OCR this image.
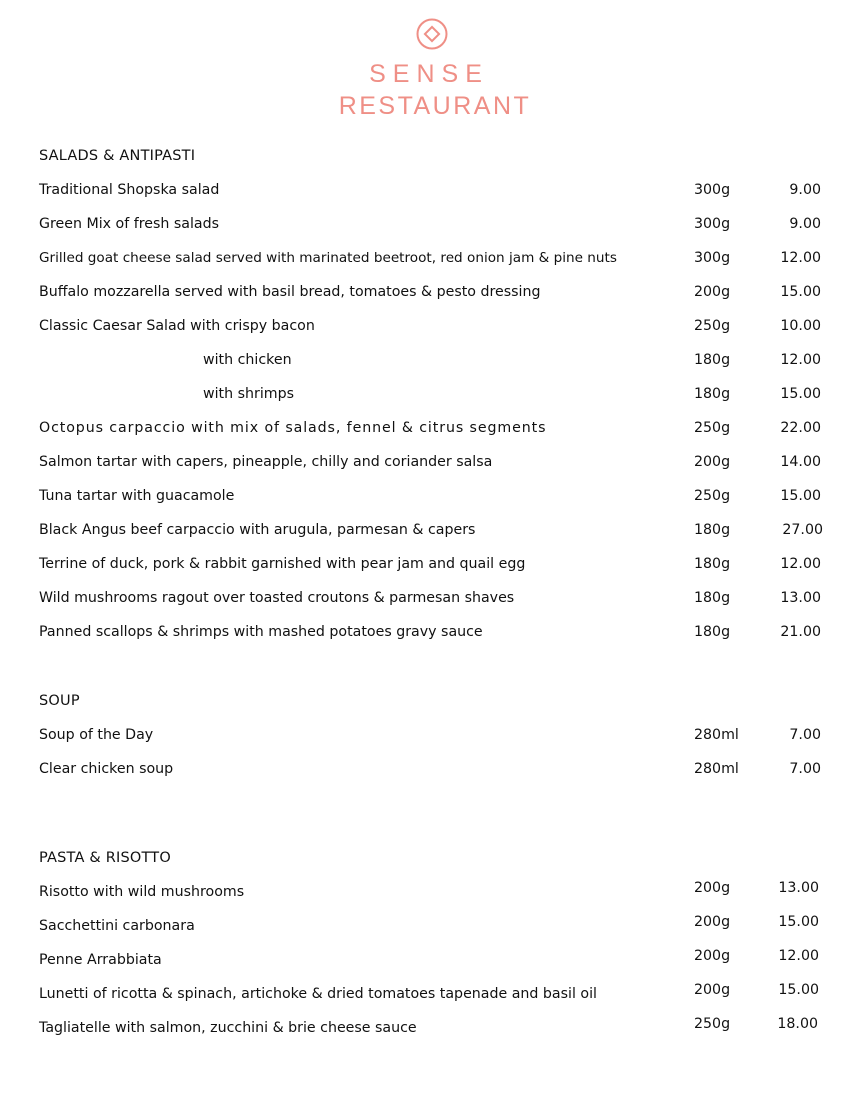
SENSE
RESTAURANT
SALADS & ANTIPASTI
Traditional Shopska salad	300g	9.00
Green Mix of fresh salads	300g	9.00
Grilled goat cheese salad served with marinated beetroot, red onion jam & pine nuts	300g	12.00
Buffalo mozzarella served with basil bread, tomatoes & pesto dressing	200g	15.00
Classic Caesar Salad with crispy bacon	250g	10.00
with chicken	180g	12.00
with shrimps	180g	15.00
Octopus carpaccio with mix of salads, fennel & citrus segments	250g	22.00
Salmon tartar with capers, pineapple, chilly and coriander salsa	200g	14.00
Tuna tartar with guacamole	250g	15.00
Black Angus beef carpaccio with arugula, parmesan & capers	180g	27.00
Terrine of duck, pork & rabbit garnished with pear jam and quail egg	180g	12.00
Wild mushrooms ragout over toasted croutons & parmesan shaves	180g	13.00
Panned scallops & shrimps with mashed potatoes gravy sauce	180g	21.00
SOUP
Soup of the Day	280ml	7.00
Clear chicken soup	280ml	7.00
PASTA & RISOTTO
Risotto with wild mushrooms	200g	13.00
Sacchettini carbonara	200g	15.00
Penne Arrabbiata	200g	12.00
Lunetti of ricotta & spinach, artichoke & dried tomatoes tapenade and basil oil	200g	15.00
Tagliatelle with salmon, zucchini & brie cheese sauce	250g	18.00
